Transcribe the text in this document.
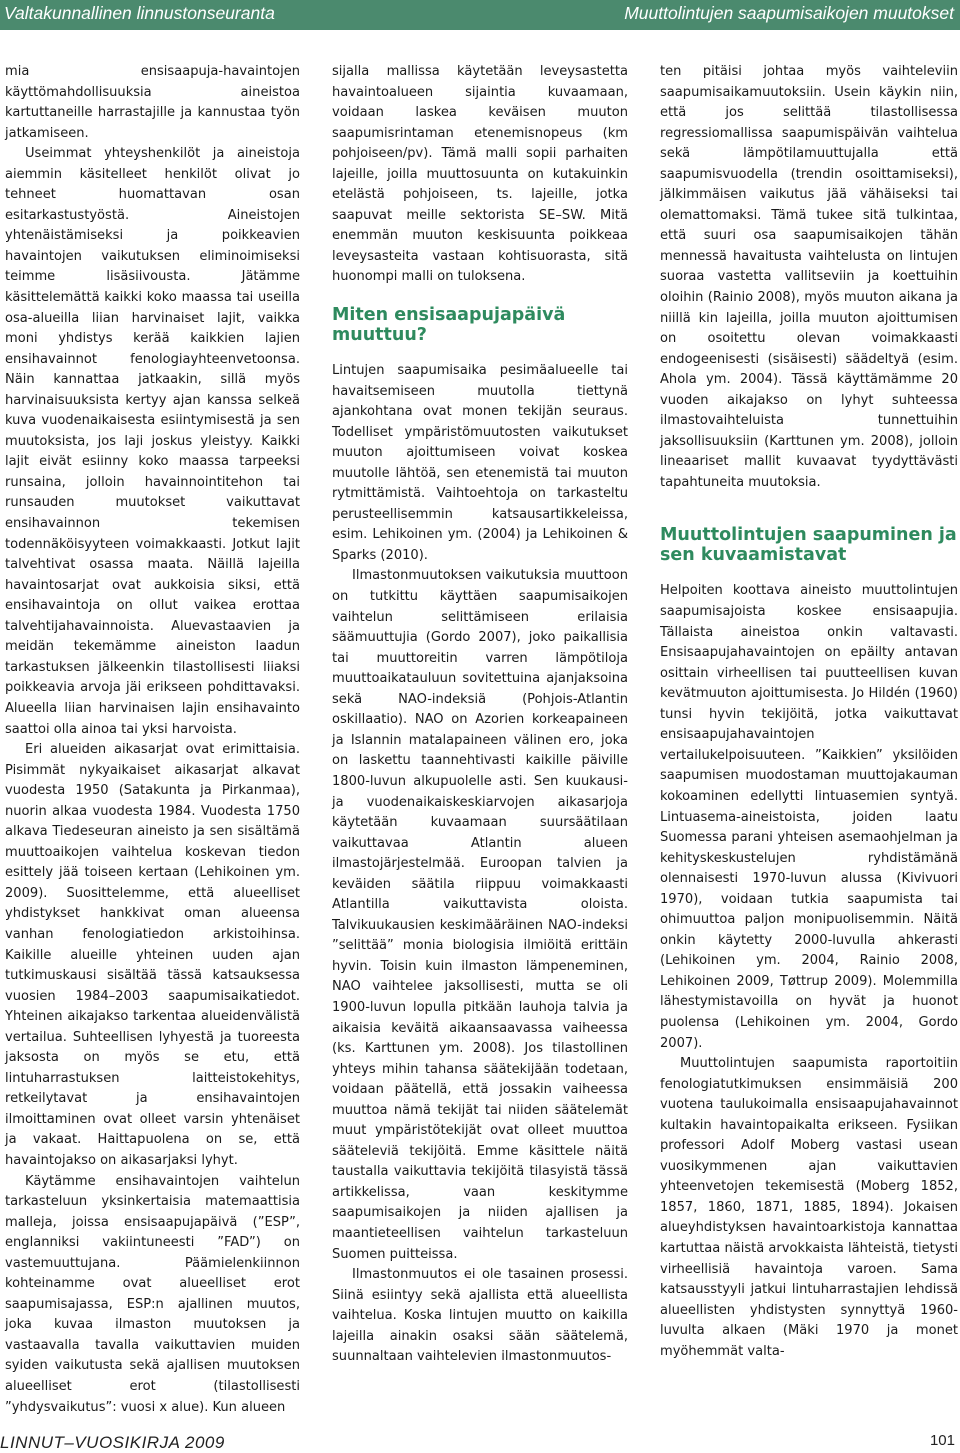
Valtakunnallinen linnustonseuranta	Muuttolintujen saapumisaikojen muutokset

mia ensisaapuja-havaintojen käyttömahdollisuuksia aineistoa kartuttaneille harrastajille ja kannustaa työn jatkamiseen.

Useimmat yhteyshenkilöt ja aineistoja aiemmin käsitelleet henkilöt olivat jo tehneet huomattavan osan esitarkastustyöstä. Aineistojen yhtenäistämiseksi ja poikkeavien havaintojen vaikutuksen eliminoimiseksi teimme lisäsiivousta. Jätämme käsittelemättä kaikki koko maassa tai useilla osa-alueilla liian harvinaiset lajit, vaikka moni yhdistys kerää kaikkien lajien ensihavainnot fenologiayhteenvetoonsa. Näin kannattaa jatkaakin, sillä myös harvinaisuuksista kertyy ajan kanssa selkeä kuva vuodenaikaisesta esiintymisestä ja sen muutoksista, jos laji joskus yleistyy. Kaikki lajit eivät esiinny koko maassa tarpeeksi runsaina, jolloin havainnointitehon tai runsauden muutokset vaikuttavat ensihavainnon tekemisen todennäköisyyteen voimakkaasti. Jotkut lajit talvehtivat osassa maata. Näillä lajeilla havaintosarjat ovat aukkoisia siksi, että ensihavaintoja on ollut vaikea erottaa talvehtijahavainnoista. Aluevastaavien ja meidän tekemämme aineiston laadun tarkastuksen jälkeenkin tilastollisesti liiaksi poikkeavia arvoja jäi erikseen pohdittavaksi. Alueella liian harvinaisen lajin ensihavainto saattoi olla ainoa tai yksi harvoista.

Eri alueiden aikasarjat ovat erimittaisia. Pisimmät nykyaikaiset aikasarjat alkavat vuodesta 1950 (Satakunta ja Pirkanmaa), nuorin alkaa vuodesta 1984. Vuodesta 1750 alkava Tiedeseuran aineisto ja sen sisältämä muuttoaikojen vaihtelua koskevan tiedon esittely jää toiseen kertaan (Lehikoinen ym. 2009). Suosittelemme, että alueelliset yhdistykset hankkivat oman alueensa vanhan fenologiatiedon arkistoihinsa. Kaikille alueille yhteinen uuden ajan tutkimuskausi sisältää tässä katsauksessa vuosien 1984–2003 saapumisaikatiedot. Yhteinen aikajakso tarkentaa alueidenvälistä vertailua. Suhteellisen lyhyestä ja tuoreesta jaksosta on myös se etu, että lintuharrastuksen laitteistokehitys, retkeilytavat ja ensihavaintojen ilmoittaminen ovat olleet varsin yhtenäiset ja vakaat. Haittapuolena on se, että havaintojakso on aikasarjaksi lyhyt.

Käytämme ensihavaintojen vaihtelun tarkasteluun yksinkertaisia matemaattisia malleja, joissa ensisaapujapäivä (”ESP”, englanniksi vakiintuneesti ”FAD”) on vastemuuttujana. Päämielenkiinnon kohteinamme ovat alueelliset erot saapumisajassa, ESP:n ajallinen muutos, joka kuvaa ilmaston muutoksen ja vastaavalla tavalla vaikuttavien muiden syiden vaikutusta sekä ajallisen muutoksen alueelliset erot (tilastollisesti ”yhdysvaikutus”: vuosi x alue). Kun alueen

sijalla mallissa käytetään leveysastetta havaintoalueen sijaintia kuvaamaan, voidaan laskea keväisen muuton saapumisrintaman etenemisnopeus (km pohjoiseen/pv). Tämä malli sopii parhaiten lajeille, joilla muuttosuunta on kutakuinkin etelästä pohjoiseen, ts. lajeille, jotka saapuvat meille sektorista SE–SW. Mitä enemmän muuton keskisuunta poikkeaa leveysasteita vastaan kohtisuorasta, sitä huonompi malli on tuloksena.

Miten ensisaapujapäivä muuttuu?

Lintujen saapumisaika pesimäalueelle tai havaitsemiseen muutolla tiettynä ajankohtana ovat monen tekijän seuraus. Todelliset ympäristömuutosten vaikutukset muuton ajoittumiseen voivat koskea muutolle lähtöä, sen etenemistä tai muuton rytmittämistä. Vaihtoehtoja on tarkasteltu perusteellisemmin katsausartikkeleissa, esim. Lehikoinen ym. (2004) ja Lehikoinen & Sparks (2010).

Ilmastonmuutoksen vaikutuksia muuttoon on tutkittu käyttäen saapumisaikojen vaihtelun selittämiseen erilaisia säämuuttujia (Gordo 2007), joko paikallisia tai muuttoreitin varren lämpötiloja muuttoaikatauluun sovitettuina ajanjaksoina sekä NAO-indeksiä (Pohjois-Atlantin oskillaatio). NAO on Azorien korkeapaineen ja Islannin matalapaineen välinen ero, joka on laskettu taannehtivasti kaikille päiville 1800-luvun alkupuolelle asti. Sen kuukausi- ja vuodenaikaiskeskiarvojen aikasarjoja käytetään kuvaamaan suursäätilaan vaikuttavaa Atlantin alueen ilmastojärjestelmää. Euroopan talvien ja keväiden säätila riippuu voimakkaasti Atlantilla vaikuttavista oloista. Talvikuukausien keskimääräinen NAO-indeksi ”selittää” monia biologisia ilmiöitä erittäin hyvin. Toisin kuin ilmaston lämpeneminen, NAO vaihtelee jaksollisesti, mutta se oli 1900-luvun lopulla pitkään lauhoja talvia ja aikaisia keväitä aikaansaavassa vaiheessa (ks. Karttunen ym. 2008). Jos tilastollinen yhteys mihin tahansa säätekijään todetaan, voidaan päätellä, että jossakin vaiheessa muuttoa nämä tekijät tai niiden säätelemät muut ympäristötekijät ovat olleet muuttoa sääteleviä tekijöitä. Emme käsittele näitä taustalla vaikuttavia tekijöitä tilasyistä tässä artikkelissa, vaan keskitymme saapumisaikojen ja niiden ajallisen ja maantieteellisen vaihtelun tarkasteluun Suomen puitteissa.

Ilmastonmuutos ei ole tasainen prosessi. Siinä esiintyy sekä ajallista että alueellista vaihtelua. Koska lintujen muutto on kaikilla lajeilla ainakin osaksi sään säätelemä, suunnaltaan vaihtelevien ilmastonmuutos-

ten pitäisi johtaa myös vaihteleviin saapumisaikamuutoksiin. Usein käykin niin, että jos selittää tilastollisessa regressiomallissa saapumispäivän vaihtelua sekä lämpötilamuuttujalla että saapumisvuodella (trendin osoittamiseksi), jälkimmäisen vaikutus jää vähäiseksi tai olemattomaksi. Tämä tukee sitä tulkintaa, että suuri osa saapumisaikojen tähän mennessä havaitusta vaihtelusta on lintujen suoraa vastetta vallitseviin ja koettuihin oloihin (Rainio 2008), myös muuton aikana ja niillä kin lajeilla, joilla muuton ajoittumisen on osoitettu olevan voimakkaasti endogeenisesti (sisäisesti) säädeltyä (esim. Ahola ym. 2004). Tässä käyttämämme 20 vuoden aikajakso on lyhyt suhteessa ilmastovaihteluista tunnettuihin jaksollisuuksiin (Karttunen ym. 2008), jolloin lineaariset mallit kuvaavat tyydyttävästi tapahtuneita muutoksia.

Muuttolintujen saapuminen ja sen kuvaamistavat

Helpoiten koottava aineisto muuttolintujen saapumisajoista koskee ensisaapujia. Tällaista aineistoa onkin valtavasti. Ensisaapujahavaintojen on epäilty antavan osittain virheellisen tai puutteellisen kuvan kevätmuuton ajoittumisesta. Jo Hildén (1960) tunsi hyvin tekijöitä, jotka vaikuttavat ensisaapujahavaintojen vertailukelpoisuuteen. ”Kaikkien” yksilöiden saapumisen muodostaman muuttojakauman kokoaminen edellytti lintuasemien syntyä. Lintuasema-aineistoista, joiden laatu Suomessa parani yhteisen asemaohjelman ja kehityskeskustelujen ryhdistämänä olennaisesti 1970-luvun alussa (Kivivuori 1970), voidaan tutkia saapumista tai ohimuuttoa paljon monipuolisemmin. Näitä onkin käytetty 2000-luvulla ahkerasti (Lehikoinen ym. 2004, Rainio 2008, Lehikoinen 2009, Tøttrup 2009). Molemmilla lähestymistavoilla on hyvät ja huonot puolensa (Lehikoinen ym. 2004, Gordo 2007).

Muuttolintujen saapumista raportoitiin fenologiatutkimuksen ensimmäisiä 200 vuotena taulukoimalla ensisaapujahavainnot kultakin havaintopaikalta erikseen. Fysiikan professori Adolf Moberg vastasi usean vuosikymmenen ajan vaikuttavien yhteenvetojen tekemisestä (Moberg 1852, 1857, 1860, 1871, 1885, 1894). Jokaisen alueyhdistyksen havaintoarkistoja kannattaa kartuttaa näistä arvokkaista lähteistä, tietysti virheellisiä havaintoja varoen. Sama katsausstyyli jatkui lintuharrastajien lehdissä alueellisten yhdistysten synnyttyä 1960-luvulta alkaen (Mäki 1970 ja monet myöhemmät valta-

LINNUT–VUOSIKIRJA 2009	101
